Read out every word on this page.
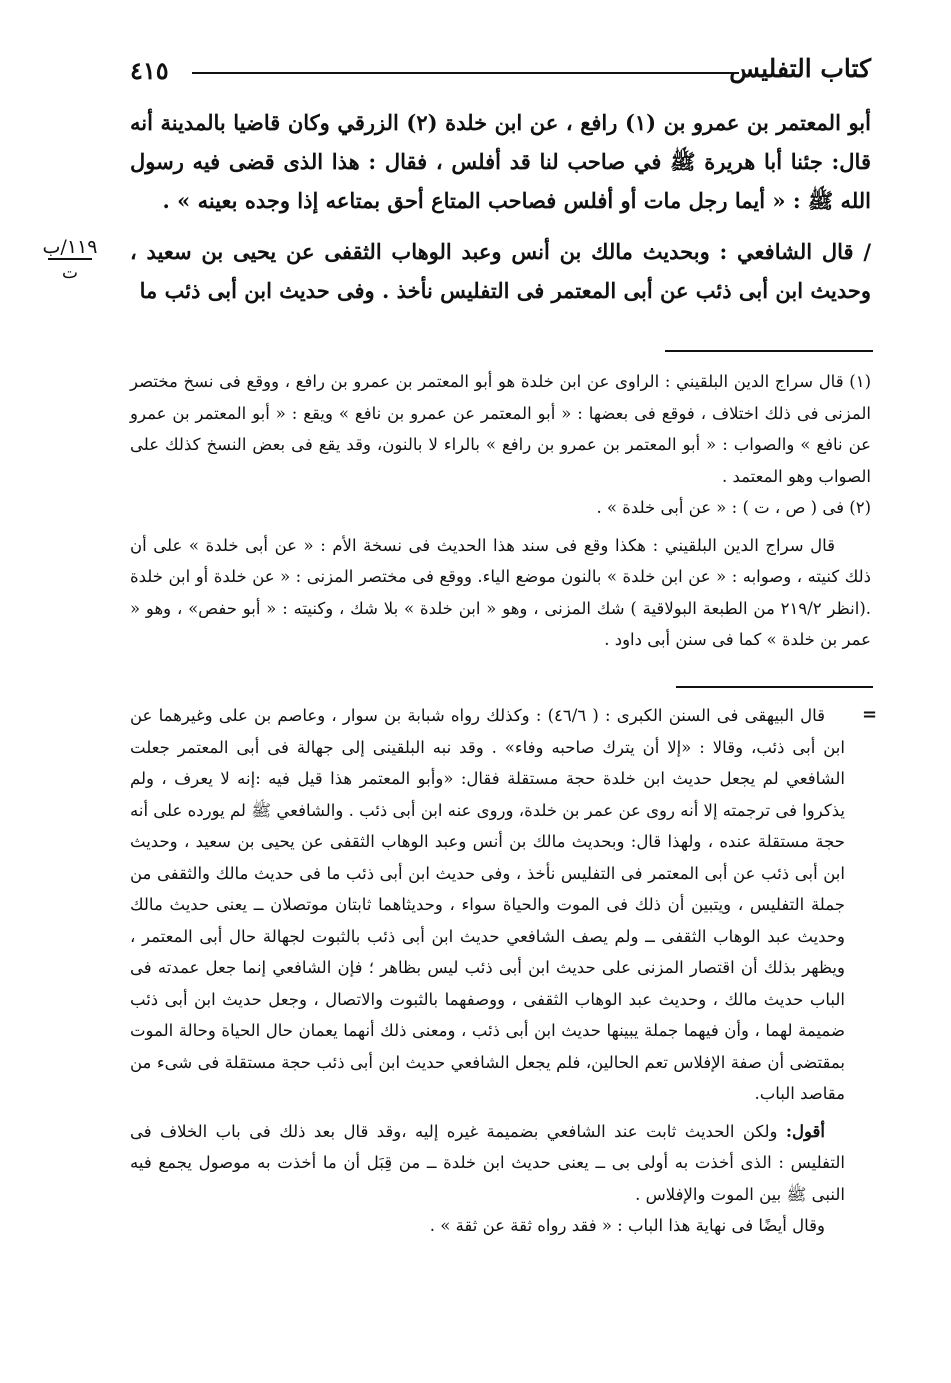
كتاب التفليس
٤١٥
١١٩/ب
ت

أبو المعتمر بن عمرو بن (١) رافع ، عن ابن خلدة (٢) الزرقي وكان قاضيا بالمدينة أنه قال: جئنا أبا هريرة ﷺ في صاحب لنا قد أفلس ، فقال : هذا الذى قضى فيه رسول الله ﷺ : « أيما رجل مات أو أفلس فصاحب المتاع أحق بمتاعه إذا وجده بعينه » .

/ قال الشافعي : وبحديث مالك بن أنس وعبد الوهاب الثقفى عن يحيى بن سعيد ، وحديث ابن أبى ذئب عن أبى المعتمر فى التفليس نأخذ . وفى حديث ابن أبى ذئب ما

(١) قال سراج الدين البلقيني : الراوى عن ابن خلدة هو أبو المعتمر بن عمرو بن رافع ، ووقع فى نسخ مختصر المزنى فى ذلك اختلاف ، فوقع فى بعضها : « أبو المعتمر عن عمرو بن نافع » ويقع : « أبو المعتمر بن عمرو عن نافع » والصواب : « أبو المعتمر بن عمرو بن رافع » بالراء لا بالنون، وقد يقع فى بعض النسخ كذلك على الصواب وهو المعتمد .

(٢) فى ( ص ، ت ) : « عن أبى خلدة » .

قال سراج الدين البلقيني : هكذا وقع فى سند هذا الحديث فى نسخة الأم : « عن أبى خلدة » على أن ذلك كنيته ، وصوابه : « عن ابن خلدة » بالنون موضع الياء. ووقع فى مختصر المزنى : « عن خلدة أو ابن خلدة .(انظر ٢١٩/٢ من الطبعة البولاقية ) شك المزنى ، وهو « ابن خلدة » بلا شك ، وكنيته : « أبو حفص» ، وهو « عمر بن خلدة » كما فى سنن أبى داود .

=

قال البيهقى فى السنن الكبرى : ( ٤٦/٦) : وكذلك رواه شبابة بن سوار ، وعاصم بن على وغيرهما عن ابن أبى ذئب، وقالا : «إلا أن يترك صاحبه وفاء» . وقد نبه البلقينى إلى جهالة فى أبى المعتمر جعلت الشافعي لم يجعل حديث ابن خلدة حجة مستقلة فقال: «وأبو المعتمر هذا قيل فيه :إنه لا يعرف ، ولم يذكروا فى ترجمته إلا أنه روى عن عمر بن خلدة، وروى عنه ابن أبى ذئب . والشافعي ﷺ لم يورده على أنه حجة مستقلة عنده ، ولهذا قال: وبحديث مالك بن أنس وعبد الوهاب الثقفى عن يحيى بن سعيد ، وحديث ابن أبى ذئب عن أبى المعتمر فى التفليس نأخذ ، وفى حديث ابن أبى ذئب ما فى حديث مالك والثقفى من جملة التفليس ، ويتبين أن ذلك فى الموت والحياة سواء ، وحديثاهما ثابتان موتصلان ــ يعنى حديث مالك وحديث عبد الوهاب الثقفى ــ ولم يصف الشافعي حديث ابن أبى ذئب بالثبوت لجهالة حال أبى المعتمر ، ويظهر بذلك أن اقتصار المزنى على حديث ابن أبى ذئب ليس بظاهر ؛ فإن الشافعي إنما جعل عمدته فى الباب حديث مالك ، وحديث عبد الوهاب الثقفى ، ووصفهما بالثبوت والاتصال ، وجعل حديث ابن أبى ذئب ضميمة لهما ، وأن فيهما جملة يبينها حديث ابن أبى ذئب ، ومعنى ذلك أنهما يعمان حال الحياة وحالة الموت بمقتضى أن صفة الإفلاس تعم الحالين، فلم يجعل الشافعي حديث ابن أبى ذئب حجة مستقلة فى شىء من مقاصد الباب.

أقول: ولكن الحديث ثابت عند الشافعي بضميمة غيره إليه ،وقد قال بعد ذلك فى باب الخلاف فى التفليس : الذى أخذت به أولى بى ــ يعنى حديث ابن خلدة ــ من قِبَل أن ما أخذت به موصول يجمع فيه النبى ﷺ بين الموت والإفلاس .

وقال أيضًا فى نهاية هذا الباب : « فقد رواه ثقة عن ثقة » .
